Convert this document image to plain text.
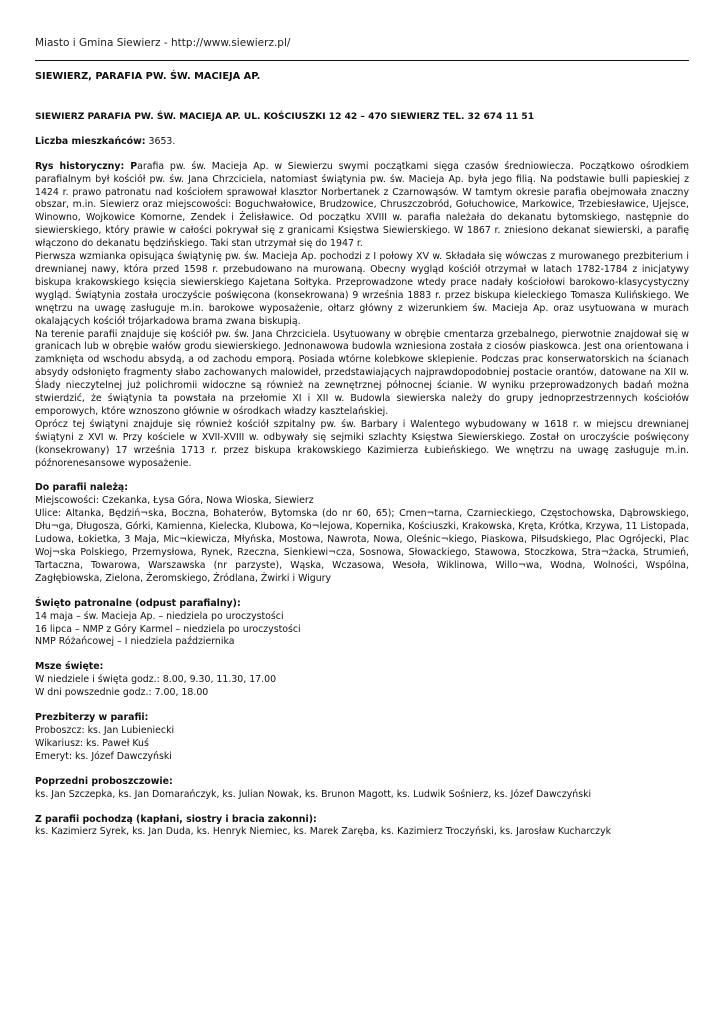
Miasto i Gmina Siewierz - http://www.siewierz.pl/

SIEWIERZ, PARAFIA PW. ŚW. MACIEJA AP.

SIEWIERZ PARAFIA PW. ŚW. MACIEJA AP. UL. KOŚCIUSZKI 12 42 – 470 SIEWIERZ TEL. 32 674 11 51

Liczba mieszkańców: 3653.

Rys historyczny: Parafia pw. św. Macieja Ap. w Siewierzu swymi początkami sięga czasów średniowiecza. Początkowo ośrodkiem parafialnym był kościół pw. św. Jana Chrzciciela, natomiast świątynia pw. św. Macieja Ap. była jego filią. Na podstawie bulli papieskiej z 1424 r. prawo patronatu nad kościołem sprawował klasztor Norbertanek z Czarnowąsów. W tamtym okresie parafia obejmowała znaczny obszar, m.in. Siewierz oraz miejscowości: Boguchwałowice, Brudzowice, Chruszczobród, Gołuchowice, Markowice, Trzebiesławice, Ujejsce, Winowno, Wojkowice Komorne, Zendek i Żelisławice. Od początku XVIII w. parafia należała do dekanatu bytomskiego, następnie do siewierskiego, który prawie w całości pokrywał się z granicami Księstwa Siewierskiego. W 1867 r. zniesiono dekanat siewierski, a parafię włączono do dekanatu będzińskiego. Taki stan utrzymał się do 1947 r.

Pierwsza wzmianka opisująca świątynię pw. św. Macieja Ap. pochodzi z I połowy XV w. Składała się wówczas z murowanego prezbiterium i drewnianej nawy, która przed 1598 r. przebudowano na murowaną. Obecny wygląd kościół otrzymał w latach 1782-1784 z inicjatywy biskupa krakowskiego księcia siewierskiego Kajetana Sołtyka. Przeprowadzone wtedy prace nadały kościołowi barokowo-klasycystyczny wygląd. Świątynia została uroczyście poświęcona (konsekrowana) 9 września 1883 r. przez biskupa kieleckiego Tomasza Kulińskiego. We wnętrzu na uwagę zasługuje m.in. barokowe wyposażenie, ołtarz główny z wizerunkiem św. Macieja Ap. oraz usytuowana w murach okalających kościół trójarkadowa brama zwana biskupią.

Na terenie parafii znajduje się kościół pw. św. Jana Chrzciciela. Usytuowany w obrębie cmentarza grzebalnego, pierwotnie znajdował się w granicach lub w obrębie wałów grodu siewierskiego. Jednonawowa budowla wzniesiona została z ciosów piaskowca. Jest ona orientowana i zamknięta od wschodu absydą, a od zachodu emporą. Posiada wtórne kolebkowe sklepienie. Podczas prac konserwatorskich na ścianach absydy odsłonięto fragmenty słabo zachowanych malowideł, przedstawiających najprawdopodobniej postacie orantów, datowane na XII w. Ślady nieczytelnej już polichromii widoczne są również na zewnętrznej północnej ścianie. W wyniku przeprowadzonych badań można stwierdzić, że świątynia ta powstała na przełomie XI i XII w. Budowla siewierska należy do grupy jednoprzestrzennych kościołów emporowych, które wznoszono głównie w ośrodkach władzy kasztelańskiej.

Oprócz tej świątyni znajduje się również kościół szpitalny pw. św. Barbary i Walentego wybudowany w 1618 r. w miejscu drewnianej świątyni z XVI w. Przy kościele w XVII-XVIII w. odbywały się sejmiki szlachty Księstwa Siewierskiego. Został on uroczyście poświęcony (konsekrowany) 17 września 1713 r. przez biskupa krakowskiego Kazimierza Łubieńskiego. We wnętrzu na uwagę zasługuje m.in. późnorenesansowe wyposażenie.

Do parafii należą:

Miejscowości: Czekanka, Łysa Góra, Nowa Wioska, Siewierz

Ulice: Altanka, Będziń¬ska, Boczna, Bohaterów, Bytomska (do nr 60, 65); Cmen¬tarna, Czarnieckiego, Częstochowska, Dąbrowskiego, Dłu¬ga, Długosza, Górki, Kamienna, Kielecka, Klubowa, Ko¬lejowa, Kopernika, Kościuszki, Krakowska, Kręta, Krótka, Krzywa, 11 Listopada, Ludowa, Łokietka, 3 Maja, Mic¬kiewicza, Młyńska, Mostowa, Nawrota, Nowa, Oleśnic¬kiego, Piaskowa, Piłsudskiego, Plac Ogrójecki, Plac Woj¬ska Polskiego, Przemysłowa, Rynek, Rzeczna, Sienkiewi¬cza, Sosnowa, Słowackiego, Stawowa, Stoczkowa, Stra¬żacka, Strumień, Tartaczna, Towarowa, Warszawska (nr parzyste), Wąska, Wczasowa, Wesoła, Wiklinowa, Willo¬wa, Wodna, Wolności, Wspólna, Zagłębiowska, Zielona, Żeromskiego, Źródlana, Żwirki i Wigury

Święto patronalne (odpust parafialny):

14 maja – św. Macieja Ap. – niedziela po uroczystości
16 lipca – NMP z Góry Karmel – niedziela po uroczystości
NMP Różańcowej – I niedziela października

Msze święte:

W niedziele i święta godz.: 8.00, 9.30, 11.30, 17.00
W dni powszednie godz.: 7.00, 18.00

Prezbiterzy w parafii:

Proboszcz: ks. Jan Lubieniecki
Wikariusz: ks. Paweł Kuś
Emeryt: ks. Józef Dawczyński

Poprzedni proboszczowie:

ks. Jan Szczepka, ks. Jan Domarańczyk, ks. Julian Nowak, ks. Brunon Magott, ks. Ludwik Sośnierz, ks. Józef Dawczyński

Z parafii pochodzą (kapłani, siostry i bracia zakonni):

ks. Kazimierz Syrek, ks. Jan Duda, ks. Henryk Niemiec, ks. Marek Zaręba, ks. Kazimierz Troczyński, ks. Jarosław Kucharczyk
